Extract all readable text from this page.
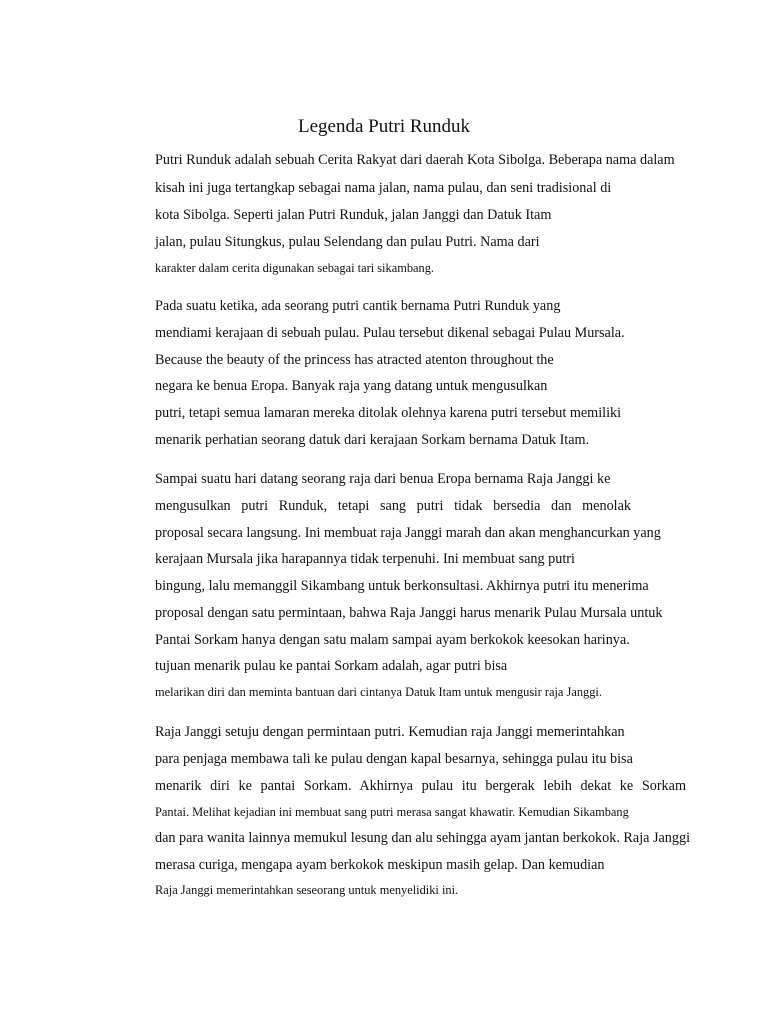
Legenda Putri Runduk
Putri Runduk adalah sebuah Cerita Rakyat dari daerah Kota Sibolga. Beberapa nama dalam
kisah ini juga tertangkap sebagai nama jalan, nama pulau, dan seni tradisional di
kota Sibolga. Seperti jalan Putri Runduk, jalan Janggi dan Datuk Itam
jalan, pulau Situngkus, pulau Selendang dan pulau Putri. Nama dari
karakter dalam cerita digunakan sebagai tari sikambang.
Pada suatu ketika, ada seorang putri cantik bernama Putri Runduk yang
mendiami kerajaan di sebuah pulau. Pulau tersebut dikenal sebagai Pulau Mursala.
Because the beauty of the princess has atracted atenton throughout the
negara ke benua Eropa. Banyak raja yang datang untuk mengusulkan
putri, tetapi semua lamaran mereka ditolak olehnya karena putri tersebut memiliki
menarik perhatian seorang datuk dari kerajaan Sorkam bernama Datuk Itam.
Sampai suatu hari datang seorang raja dari benua Eropa bernama Raja Janggi ke
mengusulkan putri Runduk, tetapi sang putri tidak bersedia dan menolak
proposal secara langsung. Ini membuat raja Janggi marah dan akan menghancurkan yang
kerajaan Mursala jika harapannya tidak terpenuhi. Ini membuat sang putri
bingung, lalu memanggil Sikambang untuk berkonsultasi. Akhirnya putri itu menerima
proposal dengan satu permintaan, bahwa Raja Janggi harus menarik Pulau Mursala untuk
Pantai Sorkam hanya dengan satu malam sampai ayam berkokok keesokan harinya.
tujuan menarik pulau ke pantai Sorkam adalah, agar putri bisa
melarikan diri dan meminta bantuan dari cintanya Datuk Itam untuk mengusir raja Janggi.
Raja Janggi setuju dengan permintaan putri. Kemudian raja Janggi memerintahkan
para penjaga membawa tali ke pulau dengan kapal besarnya, sehingga pulau itu bisa
menarik diri ke pantai Sorkam. Akhirnya pulau itu bergerak lebih dekat ke Sorkam
Pantai. Melihat kejadian ini membuat sang putri merasa sangat khawatir. Kemudian Sikambang
dan para wanita lainnya memukul lesung dan alu sehingga ayam jantan berkokok. Raja Janggi
merasa curiga, mengapa ayam berkokok meskipun masih gelap. Dan kemudian
Raja Janggi memerintahkan seseorang untuk menyelidiki ini.
